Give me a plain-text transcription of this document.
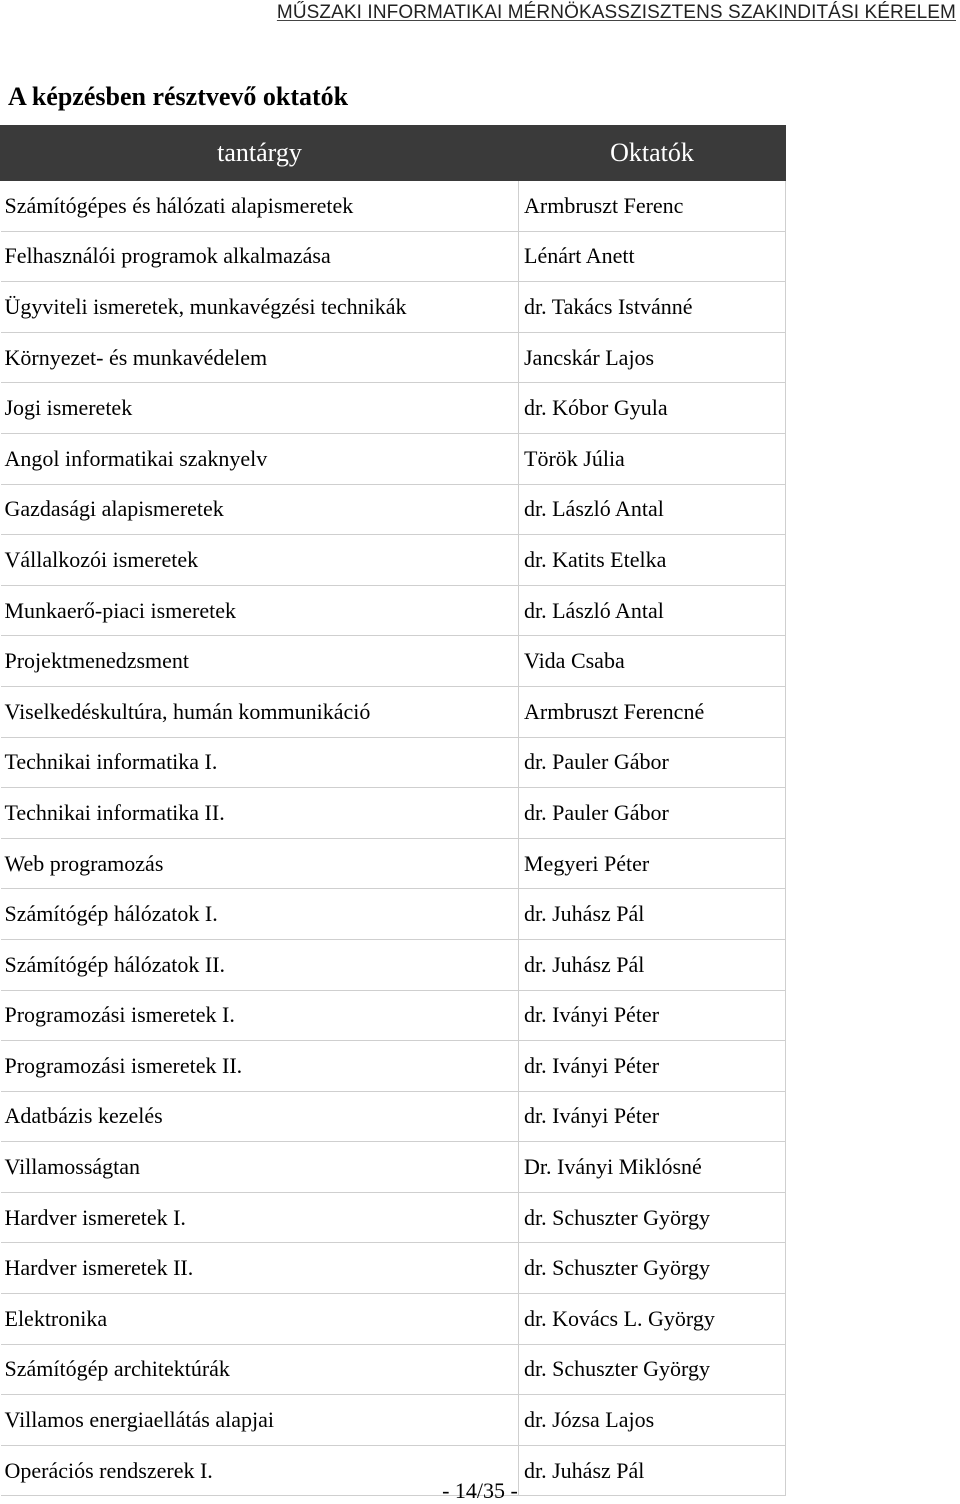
MŰSZAKI INFORMATIKAI MÉRNÖKASSZISZTENS SZAKINDITÁSI KÉRELEM
A képzésben résztvevő oktatók
tantárgy	Oktatók
Számítógépes és hálózati alapismeretek	Armbruszt Ferenc
Felhasználói programok alkalmazása	Lénárt Anett
Ügyviteli ismeretek, munkavégzési technikák	dr. Takács Istvánné
Környezet- és munkavédelem	Jancskár Lajos
Jogi ismeretek	dr. Kóbor Gyula
Angol informatikai szaknyelv	Török Júlia
Gazdasági alapismeretek	dr. László Antal
Vállalkozói ismeretek	dr. Katits Etelka
Munkaerő-piaci ismeretek	dr. László Antal
Projektmenedzsment	Vida Csaba
Viselkedéskultúra, humán kommunikáció	Armbruszt Ferencné
Technikai informatika I.	dr. Pauler Gábor
Technikai informatika II.	dr. Pauler Gábor
Web programozás	Megyeri Péter
Számítógép hálózatok I.	dr. Juhász Pál
Számítógép hálózatok II.	dr. Juhász Pál
Programozási ismeretek I.	dr. Iványi Péter
Programozási ismeretek II.	dr. Iványi Péter
Adatbázis kezelés	dr. Iványi Péter
Villamosságtan	Dr. Iványi Miklósné
Hardver ismeretek I.	dr. Schuszter György
Hardver ismeretek II.	dr. Schuszter György
Elektronika	dr. Kovács L. György
Számítógép architektúrák	dr. Schuszter György
Villamos energiaellátás alapjai	dr. Józsa Lajos
Operációs rendszerek I.	dr. Juhász Pál
- 14/35 -
